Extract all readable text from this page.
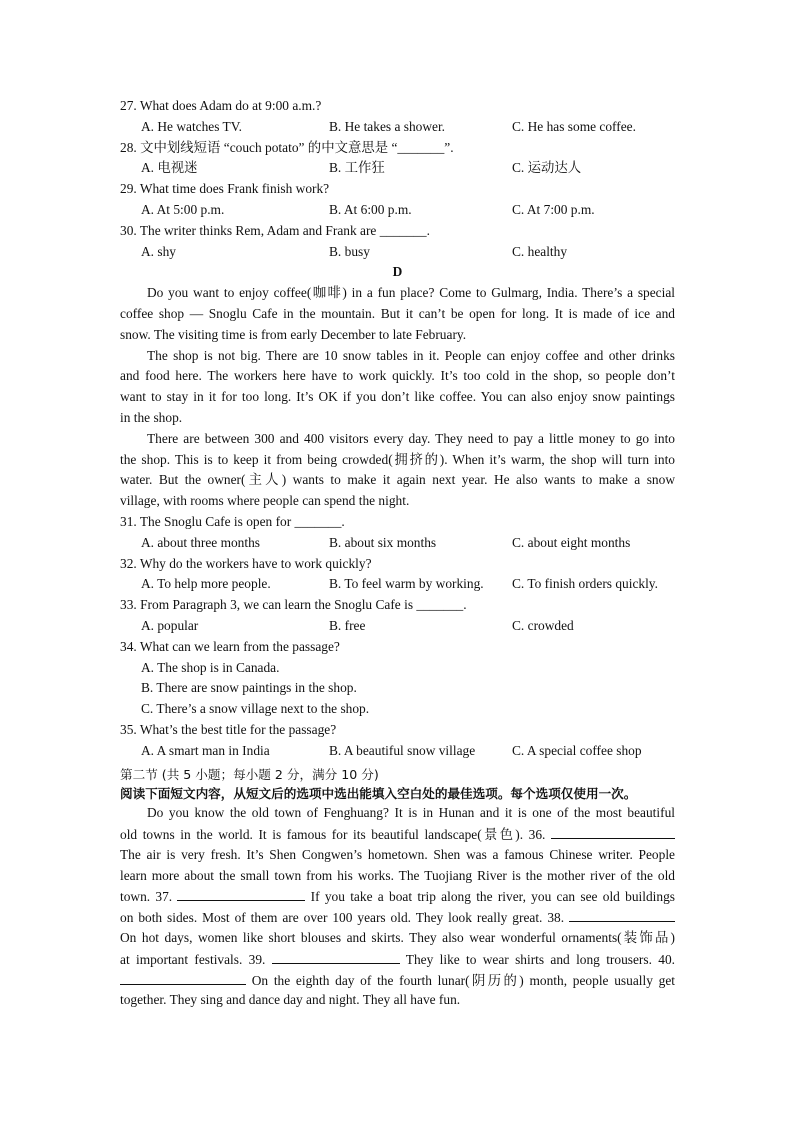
27. What does Adam do at 9:00 a.m.?
A. He watches TV.	B. He takes a shower.	C. He has some coffee.
28. 文中划线短语 “couch potato” 的中文意思是 “_______”.
A. 电视迷	B. 工作狂	C. 运动达人
29. What time does Frank finish work?
A. At 5:00 p.m.	B. At 6:00 p.m.	C. At 7:00 p.m.
30. The writer thinks Rem, Adam and Frank are _______.
A. shy	B. busy	C. healthy
D
Do you want to enjoy coffee(咖啡) in a fun place? Come to Gulmarg, India. There’s a special
coffee shop — Snoglu Cafe in the mountain. But it can’t be open for long. It is made of ice and
snow. The visiting time is from early December to late February.
The shop is not big. There are 10 snow tables in it. People can enjoy coffee and other drinks
and food here. The workers here have to work quickly. It’s too cold in the shop, so people don’t
want to stay in it for too long. It’s OK if you don’t like coffee. You can also enjoy snow paintings
in the shop.
There are between 300 and 400 visitors every day. They need to pay a little money to go into
the shop. This is to keep it from being crowded(拥挤的). When it’s warm, the shop will turn into
water. But the owner(主人) wants to make it again next year. He also wants to make a snow
village, with rooms where people can spend the night.
31. The Snoglu Cafe is open for _______.
A. about three months	B. about six months	C. about eight months
32. Why do the workers have to work quickly?
A. To help more people.	B. To feel warm by working. C. To finish orders quickly.
33. From Paragraph 3, we can learn the Snoglu Cafe is _______.
A. popular	B. free	C. crowded
34. What can we learn from the passage?
A. The shop is in Canada.
B. There are snow paintings in the shop.
C. There’s a snow village next to the shop.
35. What’s the best title for the passage?
A. A smart man in India	B. A beautiful snow village	C. A special coffee shop
第二节 (共 5 小题；每小题 2 分，满分 10 分)
阅读下面短文内容，从短文后的选项中选出能填入空白处的最佳选项。每个选项仅使用一次。
Do you know the old town of Fenghuang? It is in Hunan and it is one of the most beautiful
old towns in the world. It is famous for its beautiful landscape(景色). 36.
The air is very fresh. It’s Shen Congwen’s hometown. Shen was a famous Chinese writer. People
learn more about the small town from his works. The Tuojiang River is the mother river of the old
town. 37.	If you take a boat trip along the river, you can see old buildings
on both sides. Most of them are over 100 years old. They look really great. 38.
On hot days, women like short blouses and skirts. They also wear wonderful ornaments(装饰品)
at important festivals. 39.	They like to wear shirts and long trousers. 40.
On the eighth day of the fourth lunar(阴历的) month, people usually get
together. They sing and dance day and night. They all have fun.
